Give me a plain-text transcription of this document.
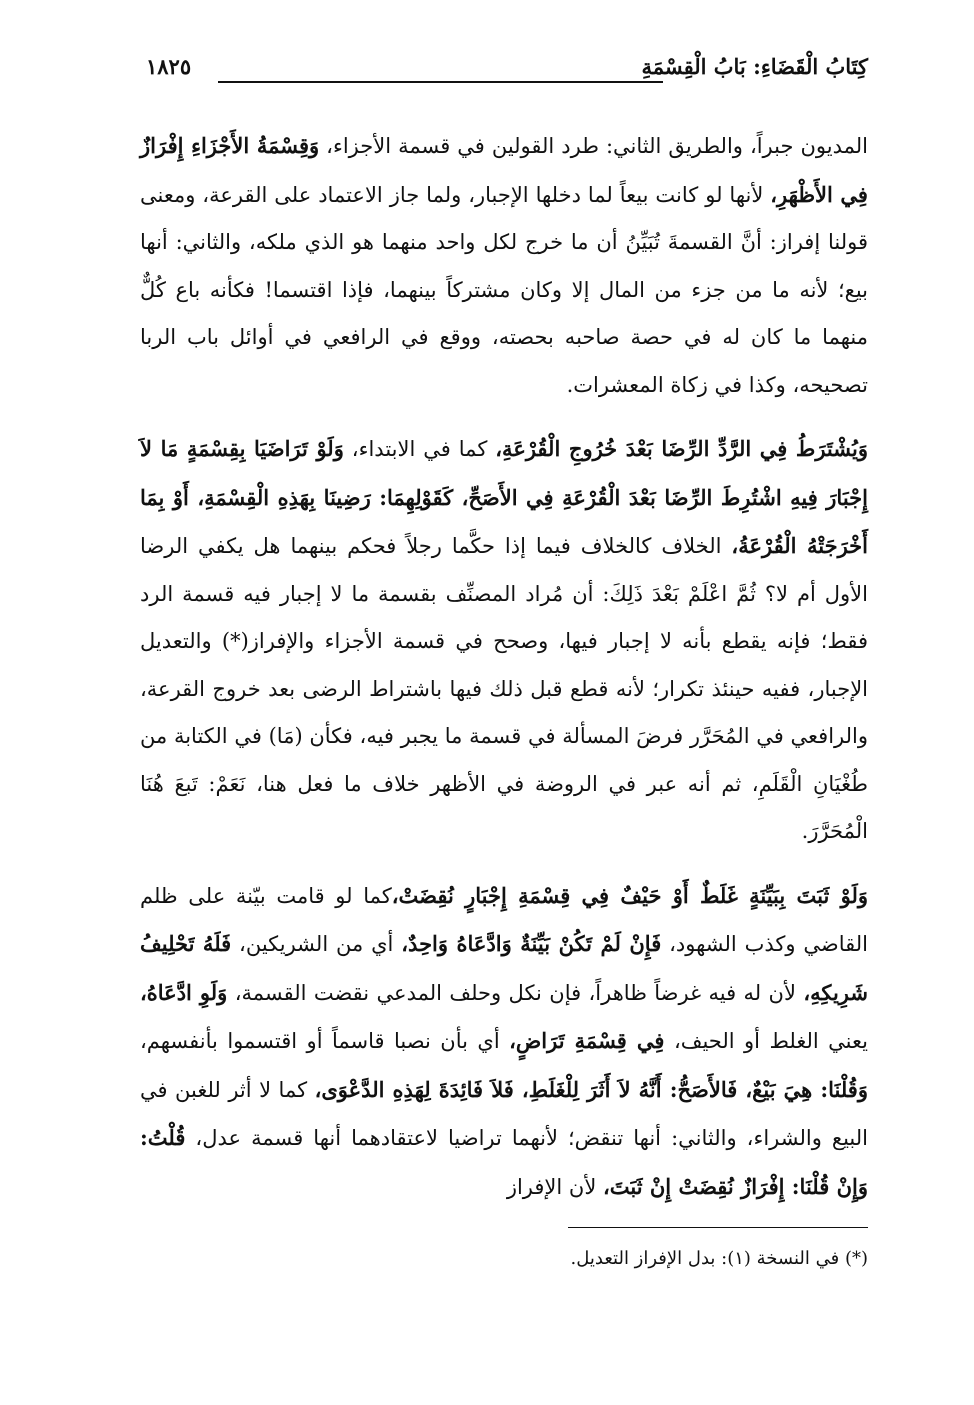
كِتَابُ الْقَضَاءِ: بَابُ الْقِسْمَةِ
١٨٢٥

المديون جبراً، والطريق الثاني: طرد القولين في قسمة الأجزاء، وَقِسْمَةُ الأَجْزَاءِ إِفْرَازٌ فِي الأَظْهَرِ، لأنها لو كانت بيعاً لما دخلها الإجبار، ولما جاز الاعتماد على القرعة، ومعنى قولنا إفراز: أنَّ القسمةَ تُبَيِّنُ أن ما خرج لكل واحد منهما هو الذي ملكه، والثاني: أنها بيع؛ لأنه ما من جزء من المال إلا وكان مشتركاً بينهما، فإذا اقتسما! فكأنه باع كُلٌّ منهما ما كان له في حصة صاحبه بحصته، ووقع في الرافعي في أوائل باب الربا تصحيحه، وكذا في زكاة المعشرات.

وَيُشْتَرَطُ فِي الرَّدِّ الرِّضَا بَعْدَ خُرُوجِ الْقُرْعَةِ، كما في الابتداء، وَلَوْ تَرَاضَيَا بِقِسْمَةٍ مَا لاَ إِجْبَارَ فِيهِ اشْتُرِطَ الرِّضَا بَعْدَ الْقُرْعَةِ فِي الأَصَحِّ، كَقَوْلِهِمَا: رَضِينَا بِهَذِهِ الْقِسْمَةِ، أَوْ بِمَا أَخْرَجَتْهُ الْقُرْعَةُ، الخلاف كالخلاف فيما إذا حكَّما رجلاً فحكم بينهما هل يكفي الرضا الأول أم لا؟ ثُمَّ اعْلَمْ بَعْدَ ذَلِكَ: أن مُراد المصنِّف بقسمة ما لا إجبار فيه قسمة الرد فقط؛ فإنه يقطع بأنه لا إجبار فيها، وصحح في قسمة الأجزاء والإفراز(*) والتعديل الإجبار، ففيه حينئذ تكرار؛ لأنه قطع قبل ذلك فيها باشتراط الرضى بعد خروج القرعة، والرافعي في المُحَرَّر فرضَ المسألة في قسمة ما يجبر فيه، فكأن (مَا) في الكتابة من طُغْيَانِ الْقَلَمِ، ثم أنه عبر في الروضة في الأظهر خلاف ما فعل هنا، نَعَمْ: تَبعَ هُنَا الْمُحَرَّرَ.

وَلَوْ ثَبَتَ بِبَيِّنَةٍ غَلَطٌ أَوْ حَيْفٌ فِي قِسْمَةِ إِجْبَارٍ نُقِضَتْ،كما لو قامت بيّنة على ظلم القاضي وكذب الشهود، فَإِنْ لَمْ تَكُنْ بَيِّنَةٌ وَادَّعَاهُ وَاحِدٌ، أي من الشريكين، فَلَهُ تَحْلِيفُ شَرِيكِهِ، لأن له فيه غرضاً ظاهراً، فإن نكل وحلف المدعي نقضت القسمة، وَلَوِ ادَّعَاهُ، يعني الغلط أو الحيف، فِي قِسْمَةِ تَرَاضٍ، أي بأن نصبا قاسماً أو اقتسموا بأنفسهم، وَقُلْنَا: هِيَ بَيْعٌ، فَالأَصَحُّ: أَنَّهُ لاَ أَثَرَ لِلْغَلَطِ، فَلاَ فَائِدَةَ لِهَذِهِ الدَّعْوَى، كما لا أثر للغبن في البيع والشراء، والثاني: أنها تنقض؛ لأنهما تراضيا لاعتقادهما أنها قسمة عدل، قُلْتُ: وَإِنْ قُلْنَا: إِفْرَازٌ نُقِضَتْ إِنْ ثَبَتَ، لأن الإفراز

(*) في النسخة (١): بدل الإفراز التعديل.
